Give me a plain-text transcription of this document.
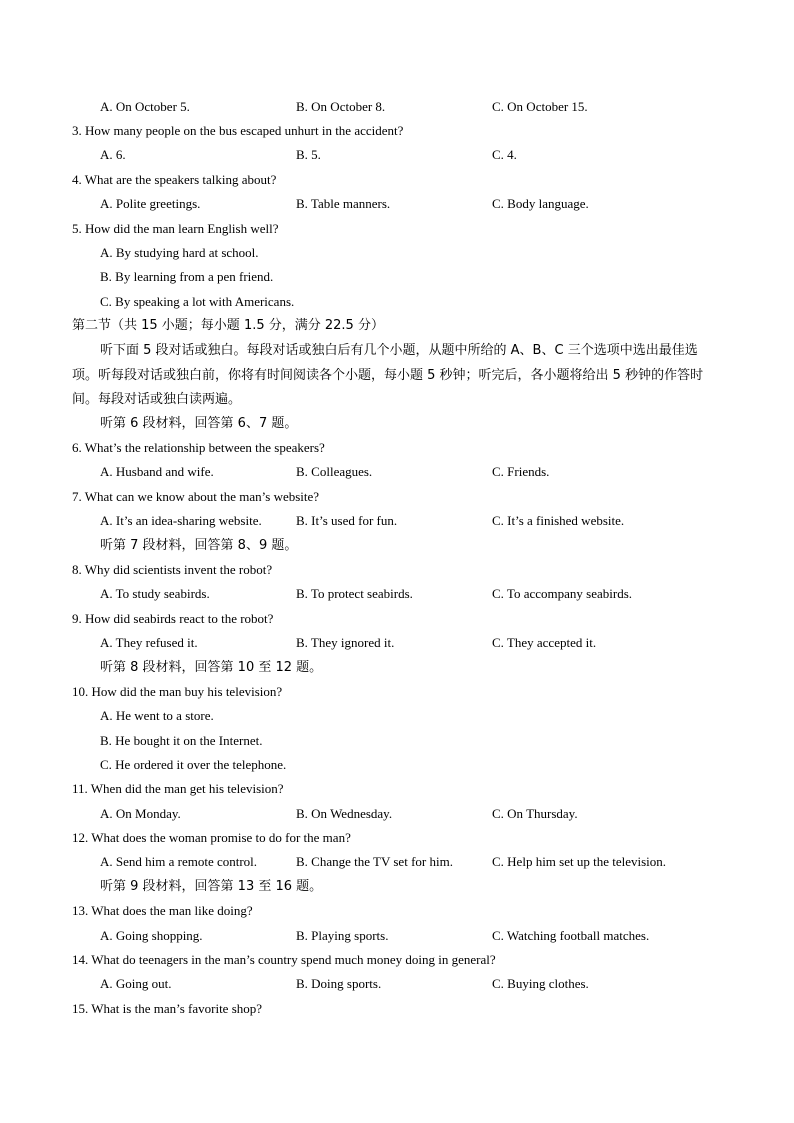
A. On October 5.	B. On October 8.	C. On October 15.
3. How many people on the bus escaped unhurt in the accident?
A. 6.	B. 5.	C. 4.
4. What are the speakers talking about?
A. Polite greetings.	B. Table manners.	C. Body language.
5. How did the man learn English well?
A. By studying hard at school.
B. By learning from a pen friend.
C. By speaking a lot with Americans.
第二节（共 15 小题；每小题 1.5 分，满分 22.5 分）
听下面 5 段对话或独白。每段对话或独白后有几个小题，从题中所给的 A、B、C 三个选项中选出最佳选项。听每段对话或独白前，你将有时间阅读各个小题，每小题 5 秒钟；听完后，各小题将给出 5 秒钟的作答时间。每段对话或独白读两遍。
听第 6 段材料，回答第 6、7 题。
6. What’s the relationship between the speakers?
A. Husband and wife.	B. Colleagues.	C. Friends.
7. What can we know about the man’s website?
A. It’s an idea-sharing website.	B. It’s used for fun.	C. It’s a finished website.
听第 7 段材料，回答第 8、9 题。
8. Why did scientists invent the robot?
A. To study seabirds.	B. To protect seabirds.	C. To accompany seabirds.
9. How did seabirds react to the robot?
A. They refused it.	B. They ignored it.	C. They accepted it.
听第 8 段材料，回答第 10 至 12 题。
10. How did the man buy his television?
A. He went to a store.
B. He bought it on the Internet.
C. He ordered it over the telephone.
11. When did the man get his television?
A. On Monday.	B. On Wednesday.	C. On Thursday.
12. What does the woman promise to do for the man?
A. Send him a remote control.	B. Change the TV set for him.	C. Help him set up the television.
听第 9 段材料，回答第 13 至 16 题。
13. What does the man like doing?
A. Going shopping.	B. Playing sports.	C. Watching football matches.
14. What do teenagers in the man’s country spend much money doing in general?
A. Going out.	B. Doing sports.	C. Buying clothes.
15. What is the man’s favorite shop?
